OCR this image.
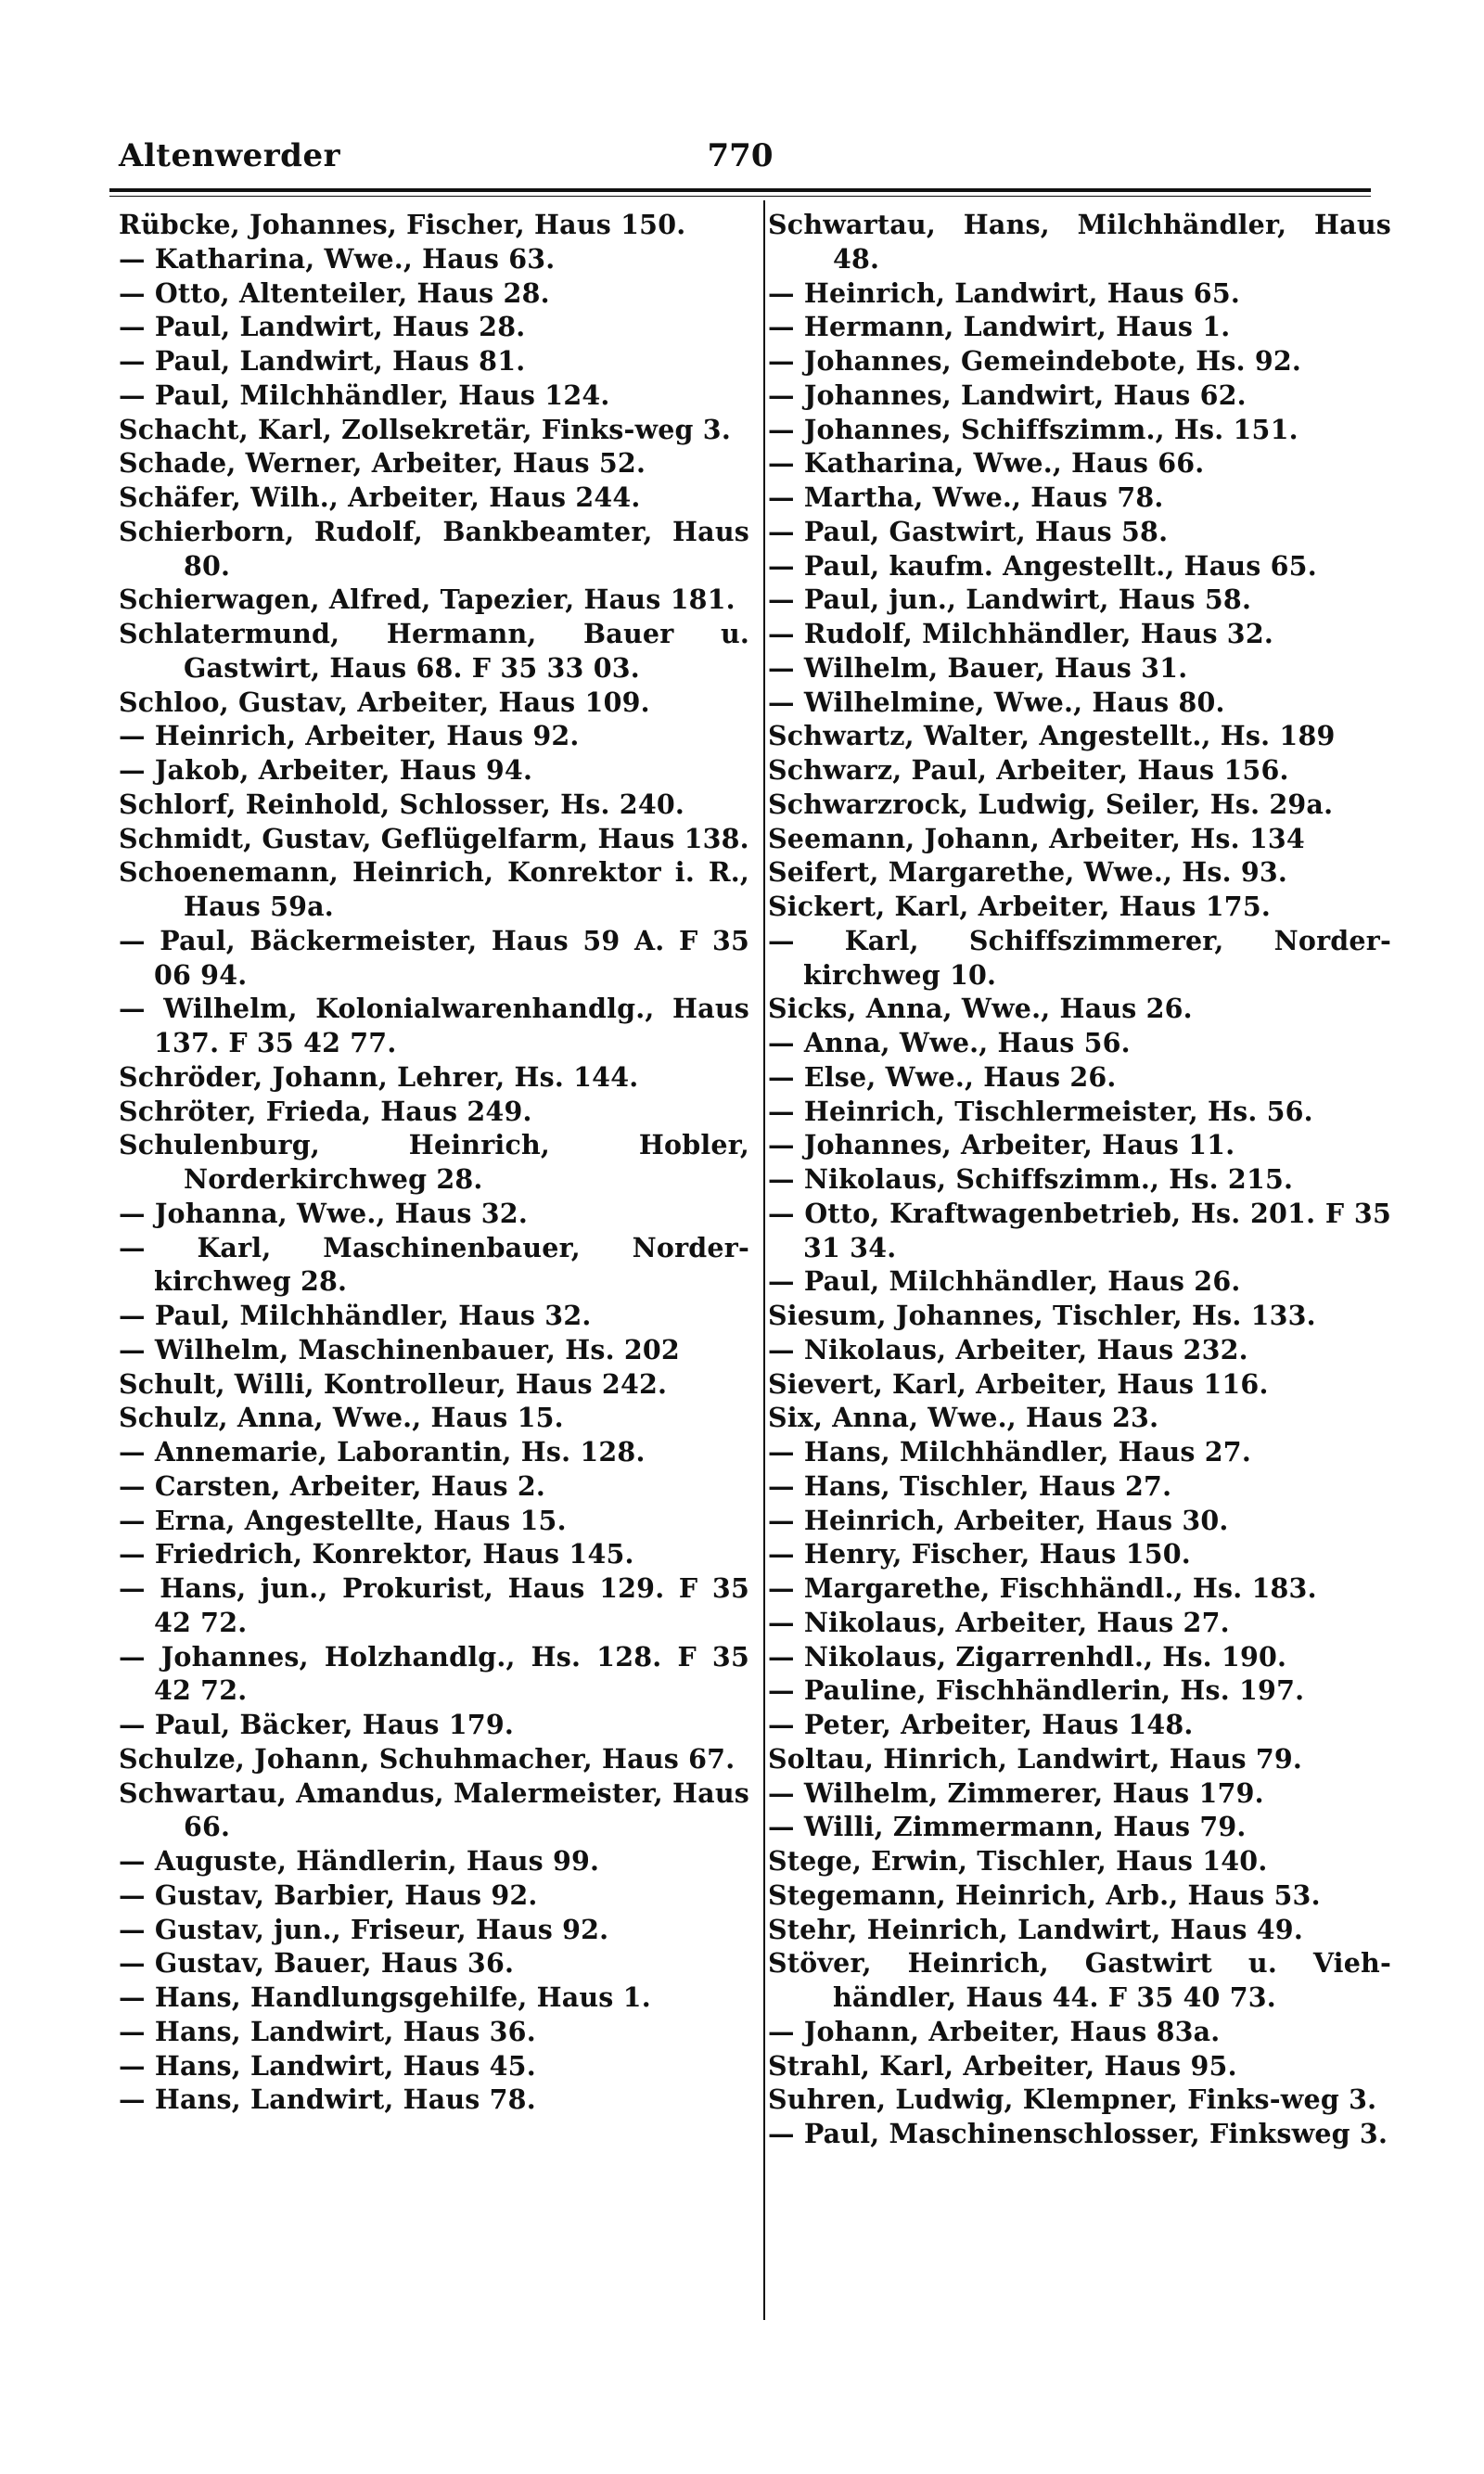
Altenwerder	770
Rübcke, Johannes, Fischer, Haus 150.
— Katharina, Wwe., Haus 63.
— Otto, Altenteiler, Haus 28.
— Paul, Landwirt, Haus 28.
— Paul, Landwirt, Haus 81.
— Paul, Milchhändler, Haus 124.
Schacht, Karl, Zollsekretär, Finks-weg 3.
Schade, Werner, Arbeiter, Haus 52.
Schäfer, Wilh., Arbeiter, Haus 244.
Schierborn, Rudolf, Bankbeamter, Haus 80.
Schierwagen, Alfred, Tapezier, Haus 181.
Schlatermund, Hermann, Bauer u. Gastwirt, Haus 68. F 35 33 03.
Schloo, Gustav, Arbeiter, Haus 109.
— Heinrich, Arbeiter, Haus 92.
— Jakob, Arbeiter, Haus 94.
Schlorf, Reinhold, Schlosser, Hs. 240.
Schmidt, Gustav, Geflügelfarm, Haus 138.
Schoenemann, Heinrich, Konrektor i. R., Haus 59a.
— Paul, Bäckermeister, Haus 59 A. F 35 06 94.
— Wilhelm, Kolonialwarenhandlg., Haus 137. F 35 42 77.
Schröder, Johann, Lehrer, Hs. 144.
Schröter, Frieda, Haus 249.
Schulenburg, Heinrich, Hobler, Norderkirchweg 28.
— Johanna, Wwe., Haus 32.
— Karl, Maschinenbauer, Norder-kirchweg 28.
— Paul, Milchhändler, Haus 32.
— Wilhelm, Maschinenbauer, Hs. 202
Schult, Willi, Kontrolleur, Haus 242.
Schulz, Anna, Wwe., Haus 15.
— Annemarie, Laborantin, Hs. 128.
— Carsten, Arbeiter, Haus 2.
— Erna, Angestellte, Haus 15.
— Friedrich, Konrektor, Haus 145.
— Hans, jun., Prokurist, Haus 129. F 35 42 72.
— Johannes, Holzhandlg., Hs. 128. F 35 42 72.
— Paul, Bäcker, Haus 179.
Schulze, Johann, Schuhmacher, Haus 67.
Schwartau, Amandus, Malermeister, Haus 66.
— Auguste, Händlerin, Haus 99.
— Gustav, Barbier, Haus 92.
— Gustav, jun., Friseur, Haus 92.
— Gustav, Bauer, Haus 36.
— Hans, Handlungsgehilfe, Haus 1.
— Hans, Landwirt, Haus 36.
— Hans, Landwirt, Haus 45.
— Hans, Landwirt, Haus 78.
Schwartau, Hans, Milchhändler, Haus 48.
— Heinrich, Landwirt, Haus 65.
— Hermann, Landwirt, Haus 1.
— Johannes, Gemeindebote, Hs. 92.
— Johannes, Landwirt, Haus 62.
— Johannes, Schiffszimm., Hs. 151.
— Katharina, Wwe., Haus 66.
— Martha, Wwe., Haus 78.
— Paul, Gastwirt, Haus 58.
— Paul, kaufm. Angestellt., Haus 65.
— Paul, jun., Landwirt, Haus 58.
— Rudolf, Milchhändler, Haus 32.
— Wilhelm, Bauer, Haus 31.
— Wilhelmine, Wwe., Haus 80.
Schwartz, Walter, Angestellt., Hs. 189
Schwarz, Paul, Arbeiter, Haus 156.
Schwarzrock, Ludwig, Seiler, Hs. 29a.
Seemann, Johann, Arbeiter, Hs. 134
Seifert, Margarethe, Wwe., Hs. 93.
Sickert, Karl, Arbeiter, Haus 175.
— Karl, Schiffszimmerer, Norder-kirchweg 10.
Sicks, Anna, Wwe., Haus 26.
— Anna, Wwe., Haus 56.
— Else, Wwe., Haus 26.
— Heinrich, Tischlermeister, Hs. 56.
— Johannes, Arbeiter, Haus 11.
— Nikolaus, Schiffszimm., Hs. 215.
— Otto, Kraftwagenbetrieb, Hs. 201. F 35 31 34.
— Paul, Milchhändler, Haus 26.
Siesum, Johannes, Tischler, Hs. 133.
— Nikolaus, Arbeiter, Haus 232.
Sievert, Karl, Arbeiter, Haus 116.
Six, Anna, Wwe., Haus 23.
— Hans, Milchhändler, Haus 27.
— Hans, Tischler, Haus 27.
— Heinrich, Arbeiter, Haus 30.
— Henry, Fischer, Haus 150.
— Margarethe, Fischhändl., Hs. 183.
— Nikolaus, Arbeiter, Haus 27.
— Nikolaus, Zigarrenhdl., Hs. 190.
— Pauline, Fischhändlerin, Hs. 197.
— Peter, Arbeiter, Haus 148.
Soltau, Hinrich, Landwirt, Haus 79.
— Wilhelm, Zimmerer, Haus 179.
— Willi, Zimmermann, Haus 79.
Stege, Erwin, Tischler, Haus 140.
Stegemann, Heinrich, Arb., Haus 53.
Stehr, Heinrich, Landwirt, Haus 49.
Stöver, Heinrich, Gastwirt u. Vieh-händler, Haus 44. F 35 40 73.
— Johann, Arbeiter, Haus 83a.
Strahl, Karl, Arbeiter, Haus 95.
Suhren, Ludwig, Klempner, Finks-weg 3.
— Paul, Maschinenschlosser, Finksweg 3.
